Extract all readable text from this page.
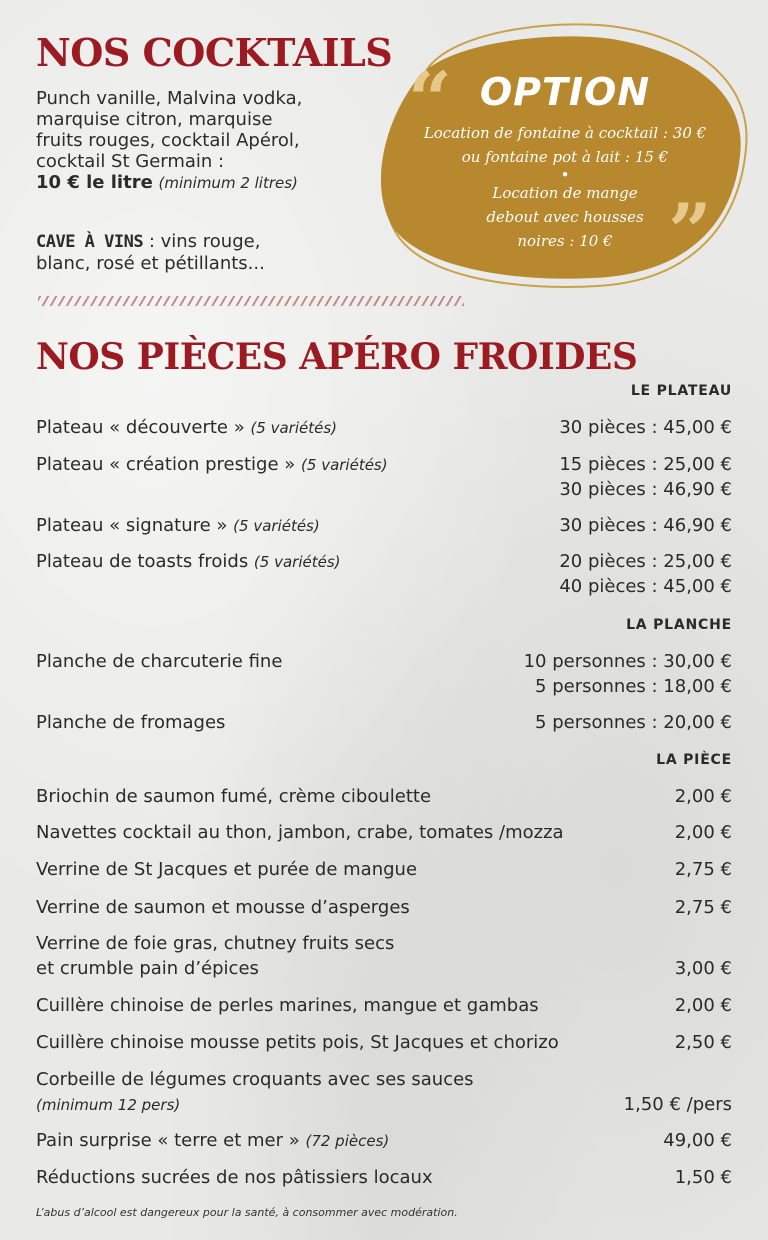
NOS COCKTAILS
Punch vanille, Malvina vodka,
marquise citron, marquise
fruits rouges, cocktail Apérol,
cocktail St Germain :
10 € le litre (minimum 2 litres)
CAVE À VINS : vins rouge,
blanc, rosé et pétillants...
“
”
OPTION
Location de fontaine à cocktail : 30 €
ou fontaine pot à lait : 15 €
•
Location de mange
debout avec housses
noires : 10 €
NOS PIÈCES APÉRO FROIDES
LE PLATEAU
Plateau « découverte » (5 variétés)	30 pièces : 45,00 €
Plateau « création prestige » (5 variétés)	15 pièces : 25,00 €
30 pièces : 46,90 €
Plateau « signature » (5 variétés)	30 pièces : 46,90 €
Plateau de toasts froids (5 variétés)	20 pièces : 25,00 €
40 pièces : 45,00 €
LA PLANCHE
Planche de charcuterie fine	10 personnes : 30,00 €
5 personnes : 18,00 €
Planche de fromages	5 personnes : 20,00 €
LA PIÈCE
Briochin de saumon fumé, crème ciboulette	2,00 €
Navettes cocktail au thon, jambon, crabe, tomates /mozza	2,00 €
Verrine de St Jacques et purée de mangue	2,75 €
Verrine de saumon et mousse d’asperges	2,75 €
Verrine de foie gras, chutney fruits secs
et crumble pain d’épices	3,00 €
Cuillère chinoise de perles marines, mangue et gambas	2,00 €
Cuillère chinoise mousse petits pois, St Jacques et chorizo	2,50 €
Corbeille de légumes croquants avec ses sauces
(minimum 12 pers)	1,50 € /pers
Pain surprise « terre et mer » (72 pièces)	49,00 €
Réductions sucrées de nos pâtissiers locaux	1,50 €
L’abus d’alcool est dangereux pour la santé, à consommer avec modération.
